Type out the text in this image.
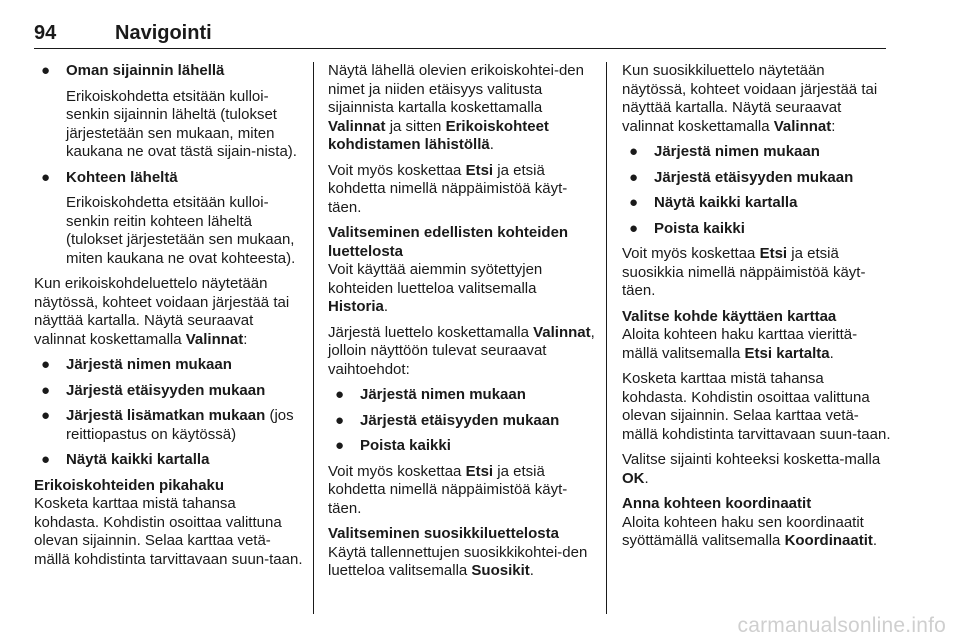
94	Navigointi
● Oman sijainnin lähellä
Erikoiskohdetta etsitään kulloi-senkin sijainnin läheltä (tulokset järjestetään sen mukaan, miten kaukana ne ovat tästä sijain-nista).
● Kohteen läheltä
Erikoiskohdetta etsitään kulloi-senkin reitin kohteen läheltä (tulokset järjestetään sen mukaan, miten kaukana ne ovat kohteesta).

Kun erikoiskohdeluettelo näytetään näytössä, kohteet voidaan järjestää tai näyttää kartalla. Näytä seuraavat valinnat koskettamalla Valinnat:

● Järjestä nimen mukaan
● Järjestä etäisyyden mukaan
● Järjestä lisämatkan mukaan (jos reittiopastus on käytössä)
● Näytä kaikki kartalla

Erikoiskohteiden pikahaku

Kosketa karttaa mistä tahansa kohdasta. Kohdistin osoittaa valittuna olevan sijainnin. Selaa karttaa vetä-mällä kohdistinta tarvittavaan suun-taan.

Näytä lähellä olevien erikoiskohtei-den nimet ja niiden etäisyys valitusta sijainnista kartalla koskettamalla Valinnat ja sitten Erikoiskohteet kohdistamen lähistöllä.

Voit myös koskettaa Etsi ja etsiä kohdetta nimellä näppäimistöä käyt-täen.

Valitseminen edellisten kohteiden luettelosta

Voit käyttää aiemmin syötettyjen kohteiden luetteloa valitsemalla Historia.

Järjestä luettelo koskettamalla Valinnat, jolloin näyttöön tulevat seuraavat vaihtoehdot:

● Järjestä nimen mukaan
● Järjestä etäisyyden mukaan
● Poista kaikki

Voit myös koskettaa Etsi ja etsiä kohdetta nimellä näppäimistöä käyt-täen.

Valitseminen suosikkiluettelosta

Käytä tallennettujen suosikkikohtei-den luetteloa valitsemalla Suosikit.

Kun suosikkiluettelo näytetään näytössä, kohteet voidaan järjestää tai näyttää kartalla. Näytä seuraavat valinnat koskettamalla Valinnat:

● Järjestä nimen mukaan
● Järjestä etäisyyden mukaan
● Näytä kaikki kartalla
● Poista kaikki

Voit myös koskettaa Etsi ja etsiä suosikkia nimellä näppäimistöä käyt-täen.

Valitse kohde käyttäen karttaa

Aloita kohteen haku karttaa vierittä-mällä valitsemalla Etsi kartalta.

Kosketa karttaa mistä tahansa kohdasta. Kohdistin osoittaa valittuna olevan sijainnin. Selaa karttaa vetä-mällä kohdistinta tarvittavaan suun-taan.

Valitse sijainti kohteeksi kosketta-malla OK.

Anna kohteen koordinaatit

Aloita kohteen haku sen koordinaatit syöttämällä valitsemalla Koordinaatit.

carmanualsonline.info
